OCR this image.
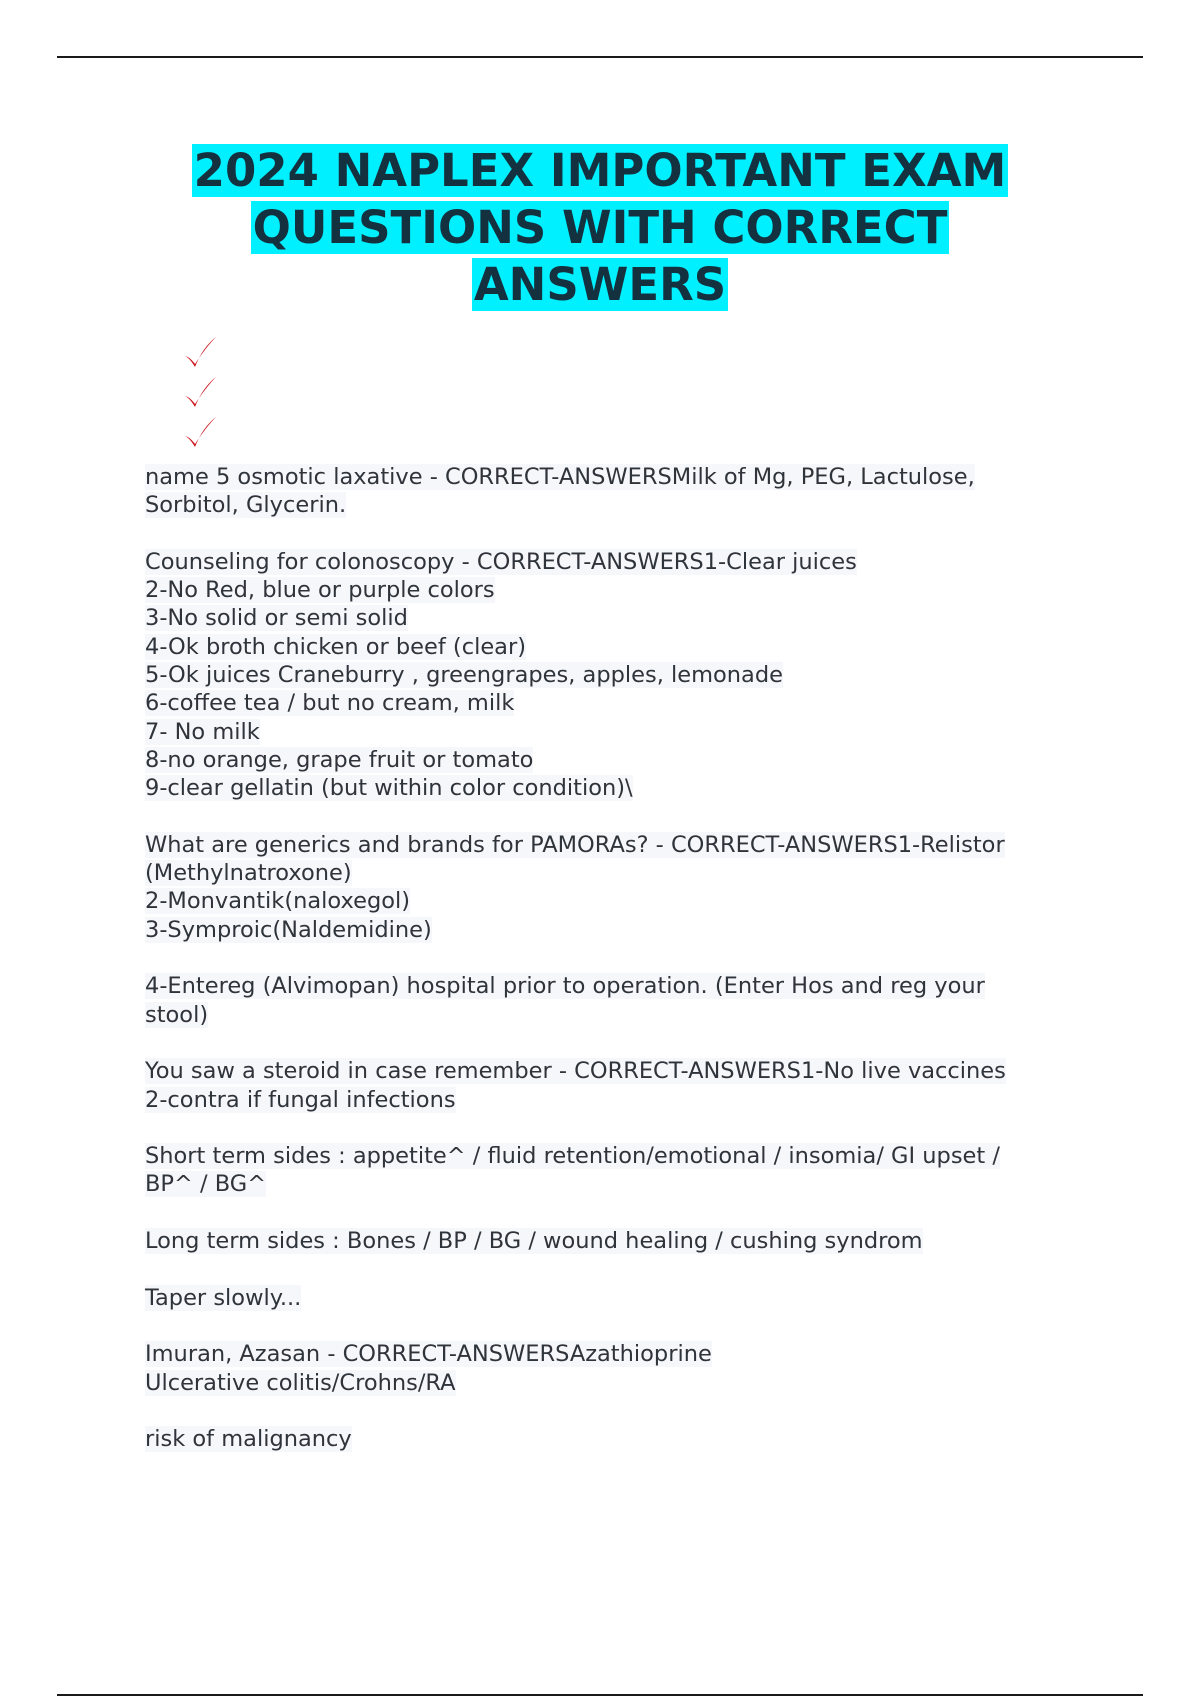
2024 NAPLEX IMPORTANT EXAM
QUESTIONS WITH CORRECT
ANSWERS
name 5 osmotic laxative - CORRECT-ANSWERSMilk of Mg, PEG, Lactulose,
Sorbitol, Glycerin.
Counseling for colonoscopy - CORRECT-ANSWERS1-Clear juices
2-No Red, blue or purple colors
3-No solid or semi solid
4-Ok broth chicken or beef (clear)
5-Ok juices Craneburry , greengrapes, apples, lemonade
6-coffee tea / but no cream, milk
7- No milk
8-no orange, grape fruit or tomato
9-clear gellatin (but within color condition)\
What are generics and brands for PAMORAs? - CORRECT-ANSWERS1-Relistor
(Methylnatroxone)
2-Monvantik(naloxegol)
3-Symproic(Naldemidine)
4-Entereg (Alvimopan) hospital prior to operation. (Enter Hos and reg your
stool)
You saw a steroid in case remember - CORRECT-ANSWERS1-No live vaccines
2-contra if fungal infections
Short term sides : appetite^ / fluid retention/emotional / insomia/ GI upset /
BP^ / BG^
Long term sides : Bones / BP / BG / wound healing / cushing syndrom
Taper slowly...
Imuran, Azasan - CORRECT-ANSWERSAzathioprine
Ulcerative colitis/Crohns/RA
risk of malignancy
